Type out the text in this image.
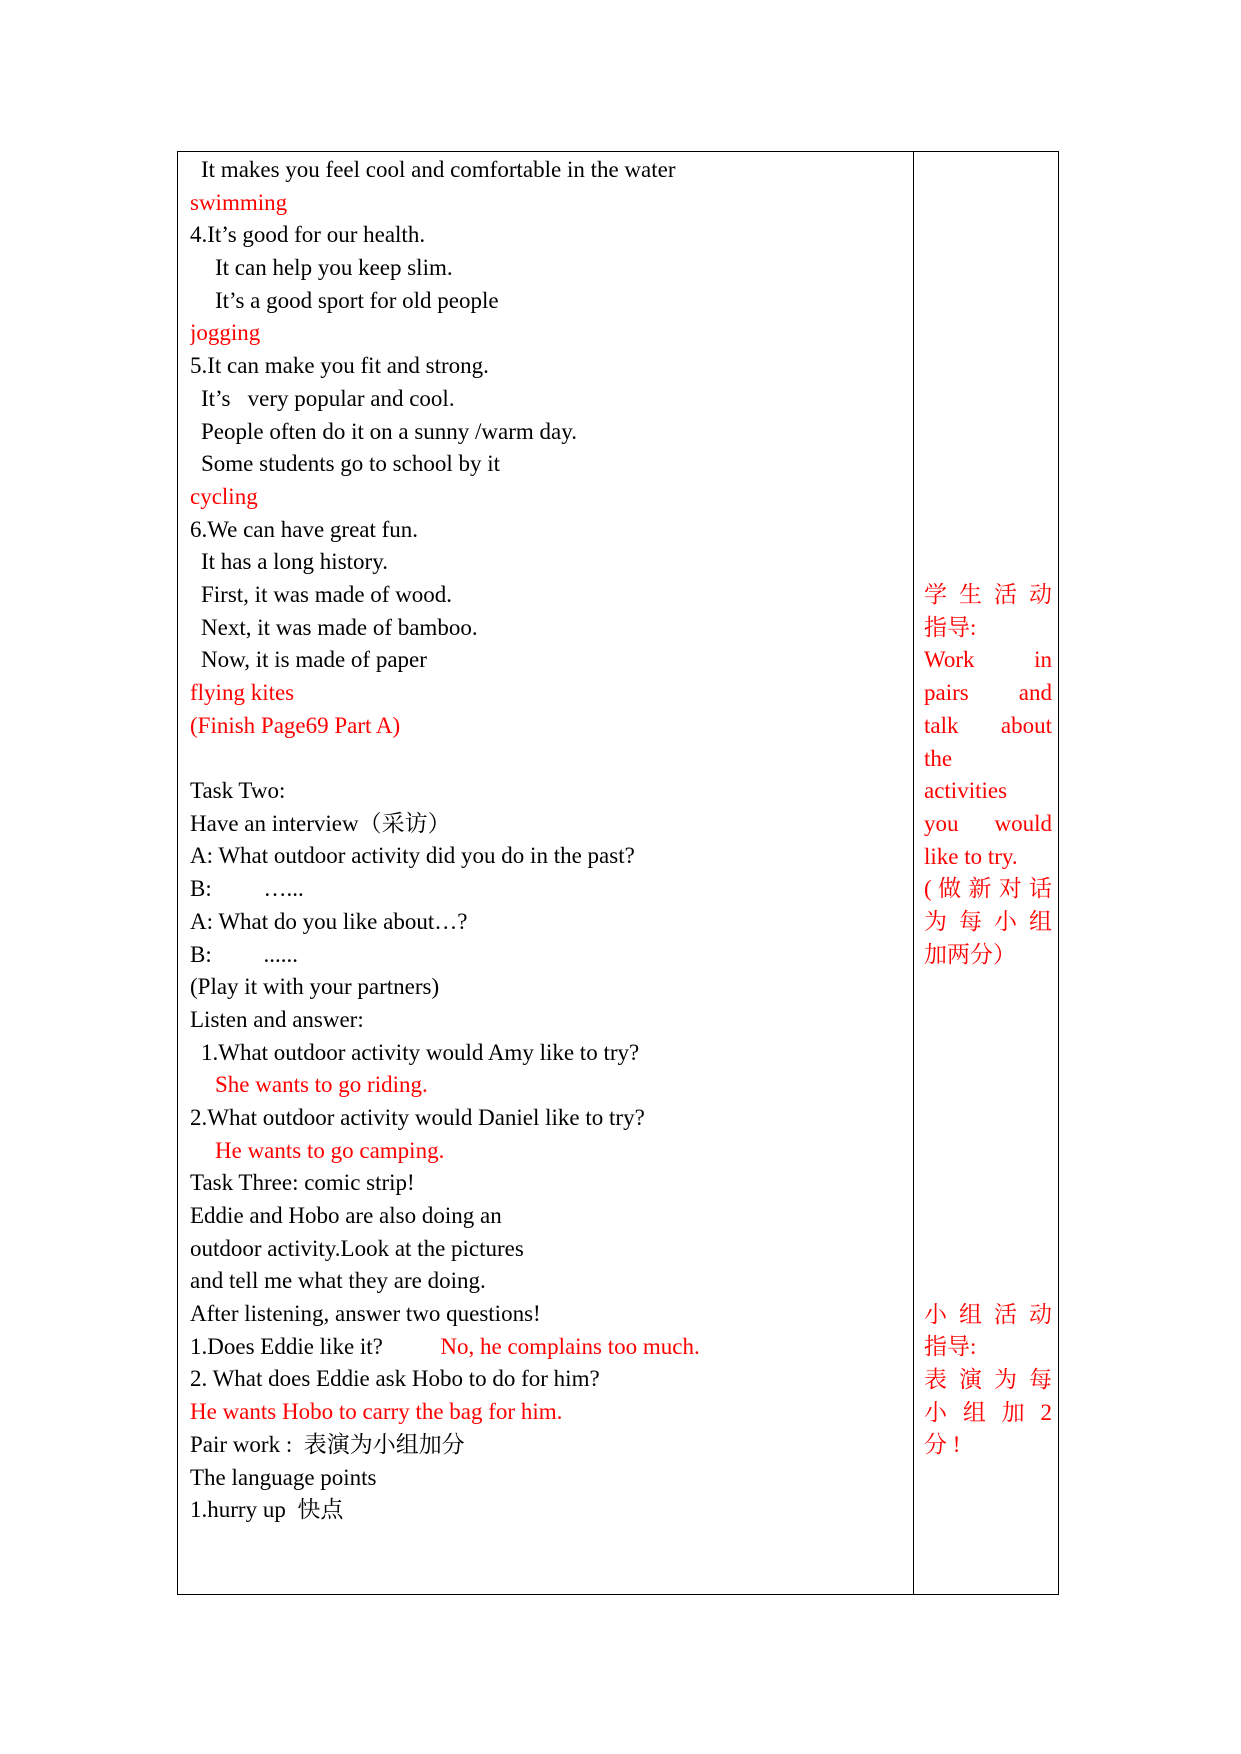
It makes you feel cool and comfortable in the water
swimming
4.It’s good for our health.
It can help you keep slim.
It’s a good sport for old people
jogging
5.It can make you fit and strong.
It’s   very popular and cool.
People often do it on a sunny /warm day.
Some students go to school by it
cycling
6.We can have great fun.
It has a long history.
First, it was made of wood.
Next, it was made of bamboo.
Now, it is made of paper
flying kites
(Finish Page69 Part A)
Task Two:
Have an interview（采访）
A: What outdoor activity did you do in the past?
B:         …...
A: What do you like about…?
B:         ......
(Play it with your partners)
Listen and answer:
1.What outdoor activity would Amy like to try?
She wants to go riding.
2.What outdoor activity would Daniel like to try?
He wants to go camping.
Task Three: comic strip!
Eddie and Hobo are also doing an
outdoor activity.Look at the pictures
and tell me what they are doing.
After listening, answer two questions!
1.Does Eddie like it?          No, he complains too much.
2. What does Eddie ask Hobo to do for him?
He wants Hobo to carry the bag for him.
Pair work :  表演为小组加分
The language points
1.hurry up  快点
学 生 活 动
指导:
Work in
pairs and
talk about
the
activities
you would
like to try.
( 做 新 对 话
为 每 小 组
加两分）
小 组 活 动
指导:
表 演 为 每
小 组 加 2
分 !
